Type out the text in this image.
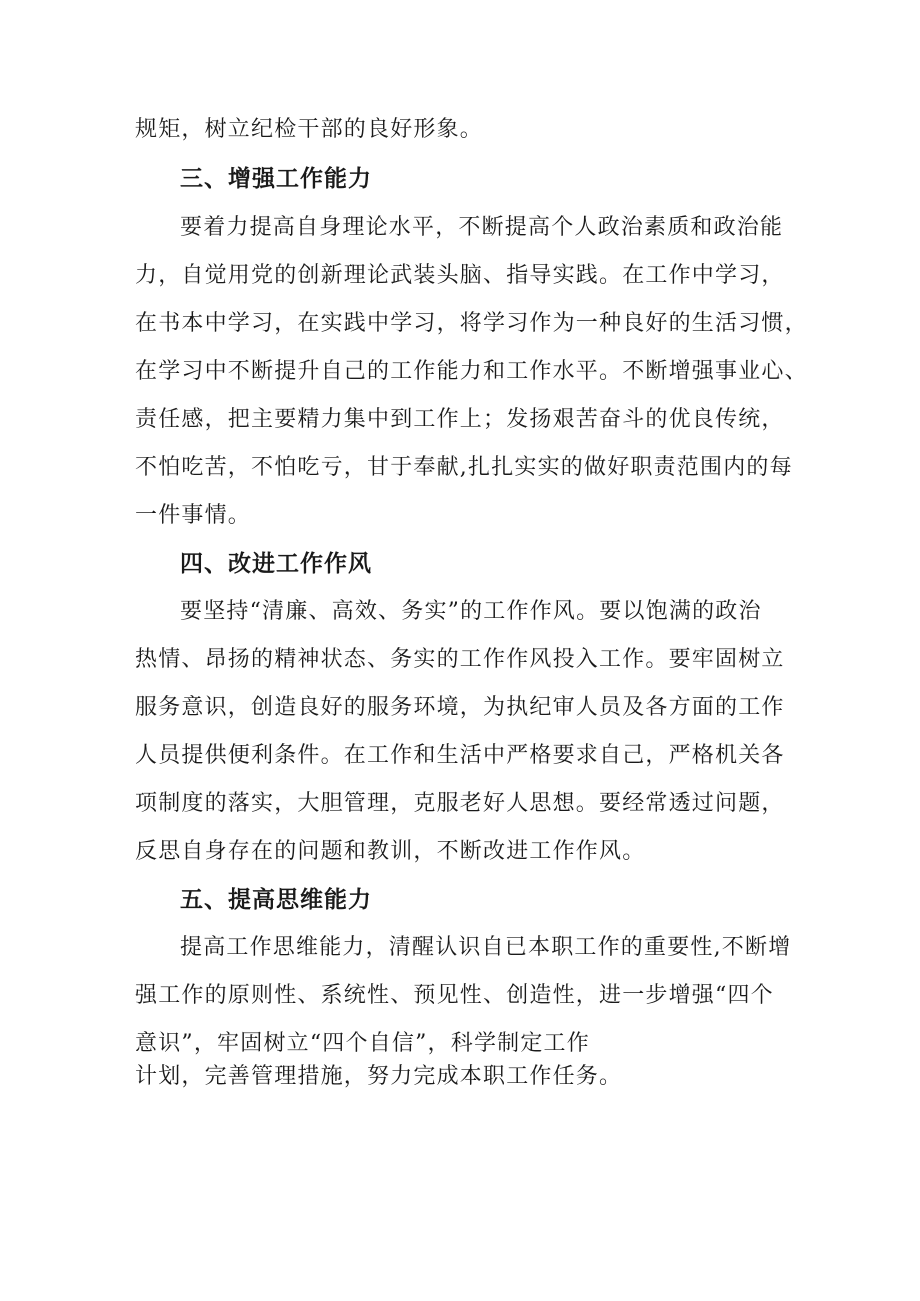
规矩，树立纪检干部的良好形象。
三、增强工作能力
要着力提高自身理论水平，不断提高个人政治素质和政治能
力，自觉用党的创新理论武装头脑、指导实践。在工作中学习，
在书本中学习，在实践中学习，将学习作为一种良好的生活习惯，
在学习中不断提升自己的工作能力和工作水平。不断增强事业心、
责任感，把主要精力集中到工作上；发扬艰苦奋斗的优良传统，
不怕吃苦，不怕吃亏，甘于奉献,扎扎实实的做好职责范围内的每
一件事情。
四、改进工作作风
要坚持“清廉、高效、务实”的工作作风。要以饱满的政治
热情、昂扬的精神状态、务实的工作作风投入工作。要牢固树立
服务意识，创造良好的服务环境，为执纪审人员及各方面的工作
人员提供便利条件。在工作和生活中严格要求自己，严格机关各
项制度的落实，大胆管理，克服老好人思想。要经常透过问题，
反思自身存在的问题和教训，不断改进工作作风。
五、提高思维能力
提高工作思维能力，清醒认识自已本职工作的重要性,不断增
强工作的原则性、系统性、预见性、创造性，进一步增强“四个
意识”，牢固树立“四个自信”，科学制定工作
计划，完善管理措施，努力完成本职工作任务。
